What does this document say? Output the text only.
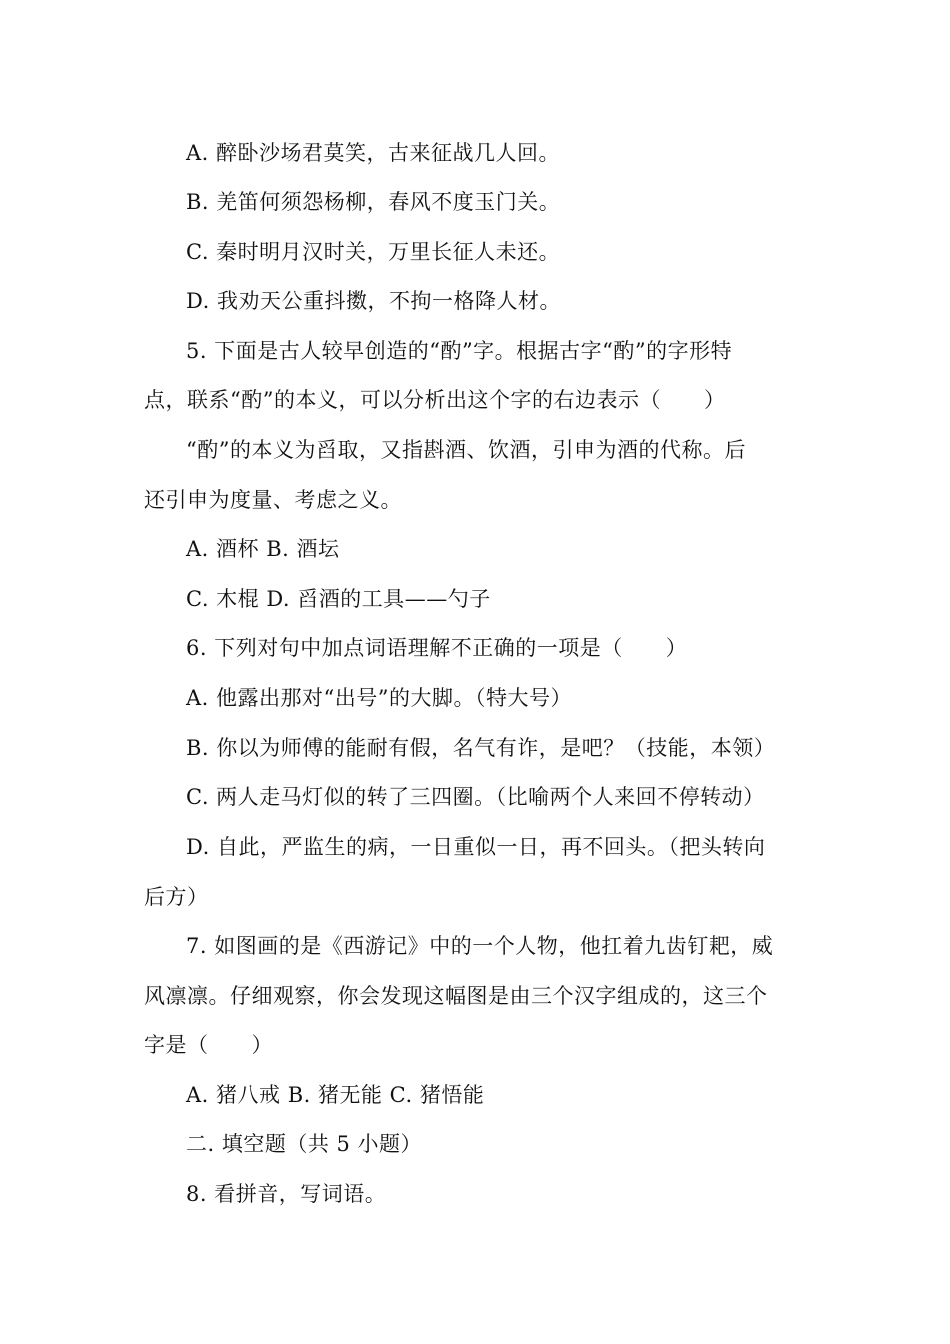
A. 醉卧沙场君莫笑，古来征战几人回。
B. 羌笛何须怨杨柳，春风不度玉门关。
C. 秦时明月汉时关，万里长征人未还。
D. 我劝天公重抖擞，不拘一格降人材。
5. 下面是古人较早创造的“酌”字。根据古字“酌”的字形特
点，联系“酌”的本义，可以分析出这个字的右边表示（　　）
“酌”的本义为舀取，又指斟酒、饮酒，引申为酒的代称。后
还引申为度量、考虑之义。
A. 酒杯 B. 酒坛
C. 木棍 D. 舀酒的工具——勺子
6. 下列对句中加点词语理解不正确的一项是（　　）
A. 他露出那对“出号”的大脚。（特大号）
B. 你以为师傅的能耐有假，名气有诈，是吧？（技能，本领）
C. 两人走马灯似的转了三四圈。（比喻两个人来回不停转动）
D. 自此，严监生的病，一日重似一日，再不回头。（把头转向
后方）
7. 如图画的是《西游记》中的一个人物，他扛着九齿钉耙，威
风凛凛。仔细观察，你会发现这幅图是由三个汉字组成的，这三个
字是（　　）
A. 猪八戒 B. 猪无能 C. 猪悟能
二. 填空题（共 5 小题）
8. 看拼音，写词语。
